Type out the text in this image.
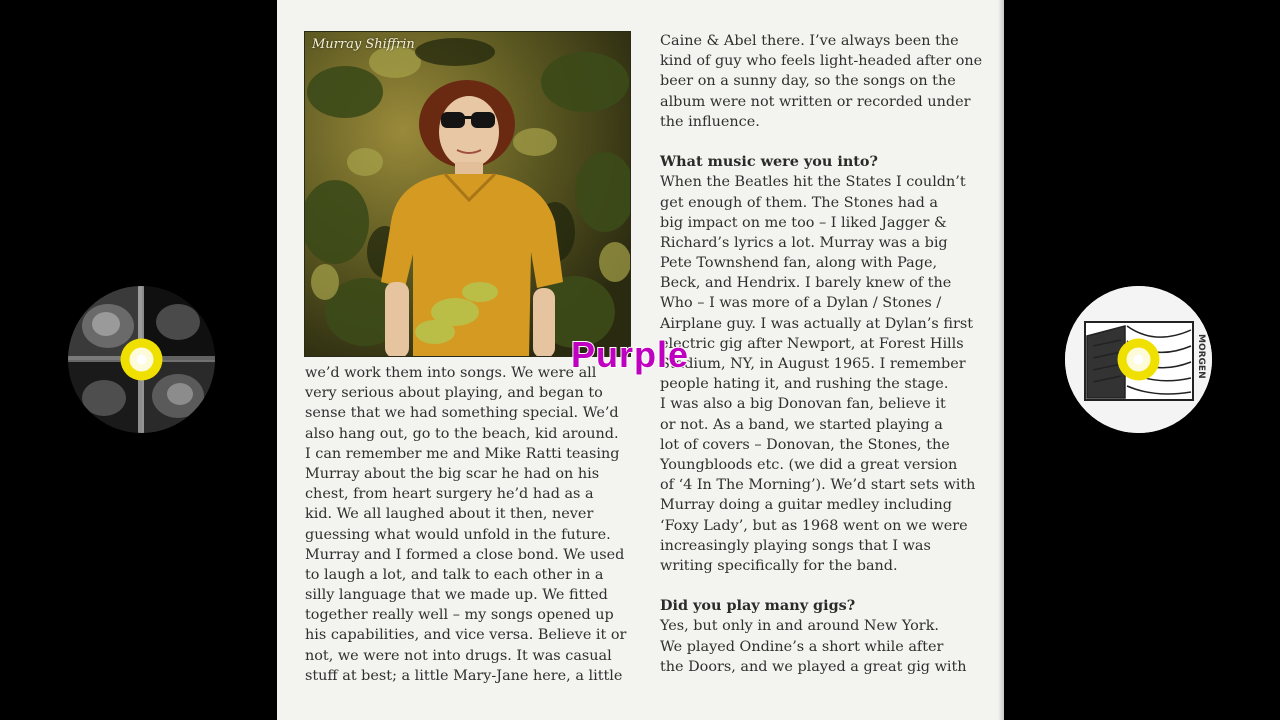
Murray Shiffrin
we’d work them into songs. We were all
very serious about playing, and began to
sense that we had something special. We’d
also hang out, go to the beach, kid around.
I can remember me and Mike Ratti teasing
Murray about the big scar he had on his
chest, from heart surgery he’d had as a
kid. We all laughed about it then, never
guessing what would unfold in the future.
Murray and I formed a close bond. We used
to laugh a lot, and talk to each other in a
silly language that we made up. We fitted
together really well – my songs opened up
his capabilities, and vice versa. Believe it or
not, we were not into drugs. It was casual
stuff at best; a little Mary-Jane here, a little
Caine & Abel there. I’ve always been the
kind of guy who feels light-headed after one
beer on a sunny day, so the songs on the
album were not written or recorded under
the influence.
What music were you into?
When the Beatles hit the States I couldn’t
get enough of them. The Stones had a
big impact on me too – I liked Jagger &
Richard’s lyrics a lot. Murray was a big
Pete Townshend fan, along with Page,
Beck, and Hendrix. I barely knew of the
Who – I was more of a Dylan / Stones /
Airplane guy. I was actually at Dylan’s first
electric gig after Newport, at Forest Hills
Stadium, NY, in August 1965. I remember
people hating it, and rushing the stage.
I was also a big Donovan fan, believe it
or not. As a band, we started playing a
lot of covers – Donovan, the Stones, the
Youngbloods etc. (we did a great version
of ‘4 In The Morning’). We’d start sets with
Murray doing a guitar medley including
‘Foxy Lady’, but as 1968 went on we were
increasingly playing songs that I was
writing specifically for the band.
Did you play many gigs?
Yes, but only in and around New York.
We played Ondine’s a short while after
the Doors, and we played a great gig with
Purple	MORGEN
